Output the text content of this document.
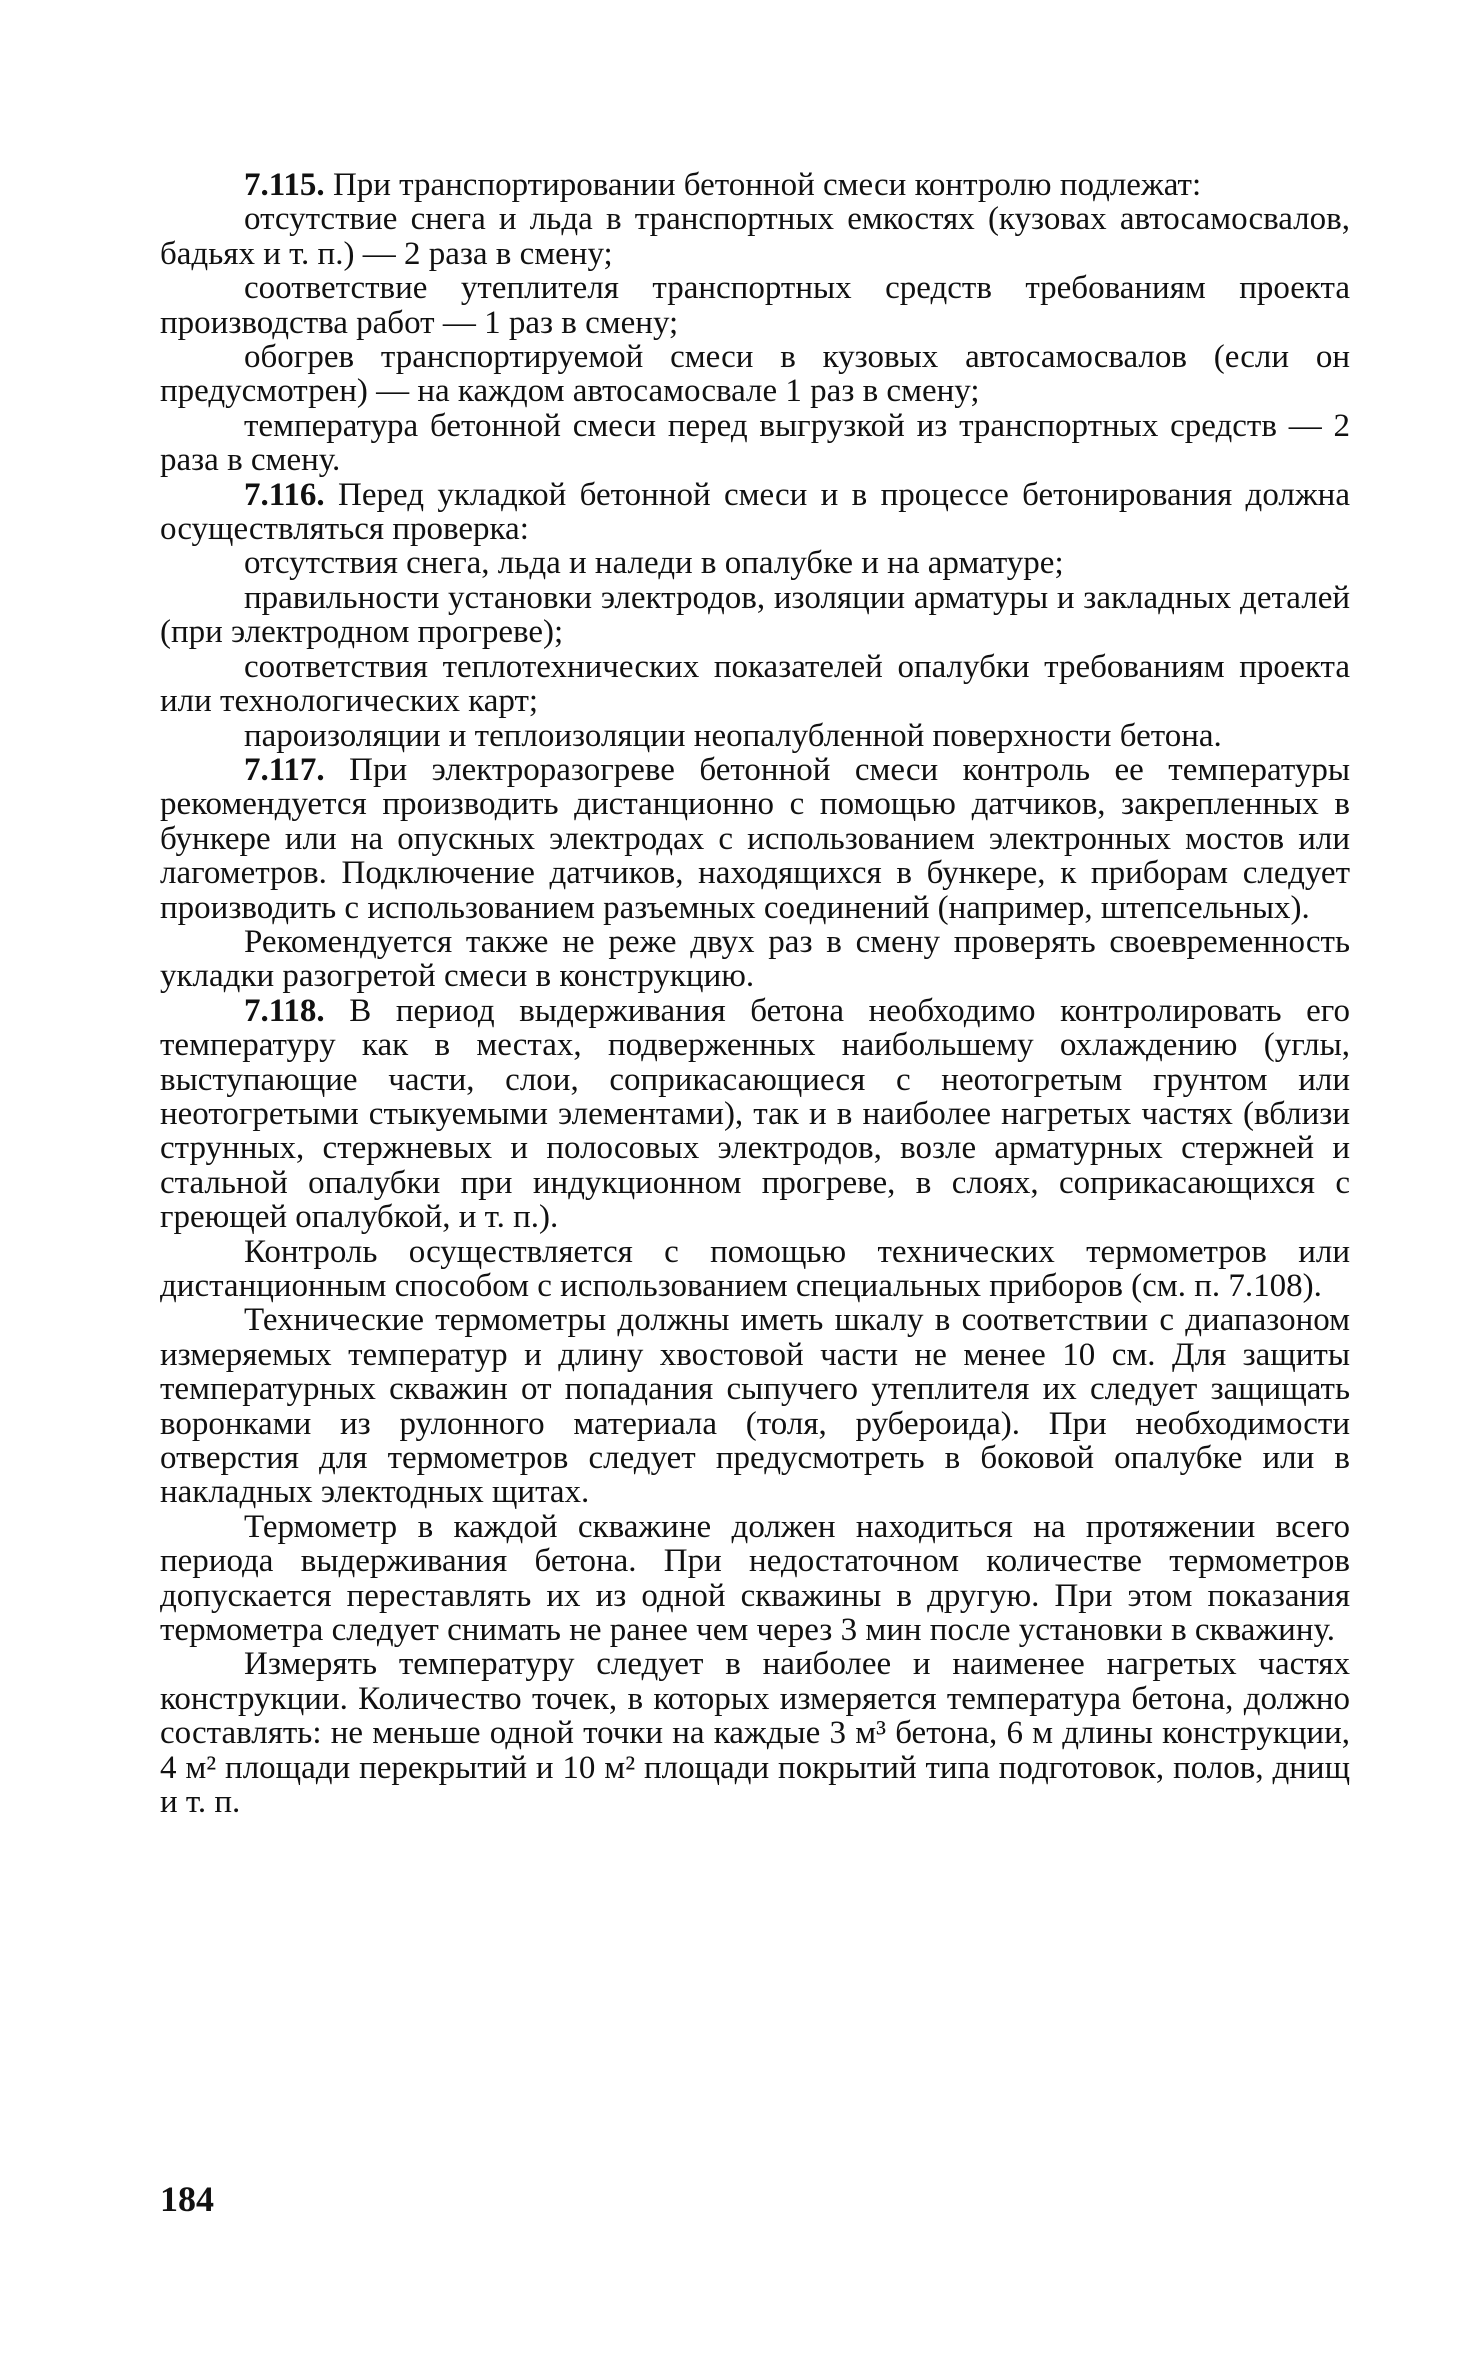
7.115. При транспортировании бетонной смеси контролю подлежат:

отсутствие снега и льда в транспортных емкостях (кузовах автосамосвалов, бадьях и т. п.) — 2 раза в смену;

соответствие утеплителя транспортных средств требованиям проекта производства работ — 1 раз в смену;

обогрев транспортируемой смеси в кузовых автосамосвалов (если он предусмотрен) — на каждом автосамосвале 1 раз в смену;

температура бетонной смеси перед выгрузкой из транспортных средств — 2 раза в смену.

7.116. Перед укладкой бетонной смеси и в процессе бетонирования должна осуществляться проверка:

отсутствия снега, льда и наледи в опалубке и на арматуре;

правильности установки электродов, изоляции арматуры и закладных деталей (при электродном прогреве);

соответствия теплотехнических показателей опалубки требованиям проекта или технологических карт;

пароизоляции и теплоизоляции неопалубленной поверхности бетона.

7.117. При электроразогреве бетонной смеси контроль ее температуры рекомендуется производить дистанционно с помощью датчиков, закрепленных в бункере или на опускных электродах с использованием электронных мостов или лагометров. Подключение датчиков, находящихся в бункере, к приборам следует производить с использованием разъемных соединений (например, штепсельных).

Рекомендуется также не реже двух раз в смену проверять своевременность укладки разогретой смеси в конструкцию.

7.118. В период выдерживания бетона необходимо контролировать его температуру как в местах, подверженных наибольшему охлаждению (углы, выступающие части, слои, соприкасающиеся с неотогретым грунтом или неотогретыми стыкуемыми элементами), так и в наиболее нагретых частях (вблизи струнных, стержневых и полосовых электродов, возле арматурных стержней и стальной опалубки при индукционном прогреве, в слоях, соприкасающихся с греющей опалубкой, и т. п.).

Контроль осуществляется с помощью технических термометров или дистанционным способом с использованием специальных приборов (см. п. 7.108).

Технические термометры должны иметь шкалу в соответствии с диапазоном измеряемых температур и длину хвостовой части не менее 10 см. Для защиты температурных скважин от попадания сыпучего утеплителя их следует защищать воронками из рулонного материала (толя, рубероида). При необходимости отверстия для термометров следует предусмотреть в боковой опалубке или в накладных электодных щитах.

Термометр в каждой скважине должен находиться на протяжении всего периода выдерживания бетона. При недостаточном количестве термометров допускается переставлять их из одной скважины в другую. При этом показания термометра следует снимать не ранее чем через 3 мин после установки в скважину.

Измерять температуру следует в наиболее и наименее нагретых частях конструкции. Количество точек, в которых измеряется температура бетона, должно составлять: не меньше одной точки на каждые 3 м³ бетона, 6 м длины конструкции, 4 м² площади перекрытий и 10 м² площади покрытий типа подготовок, полов, днищ и т. п.

184
